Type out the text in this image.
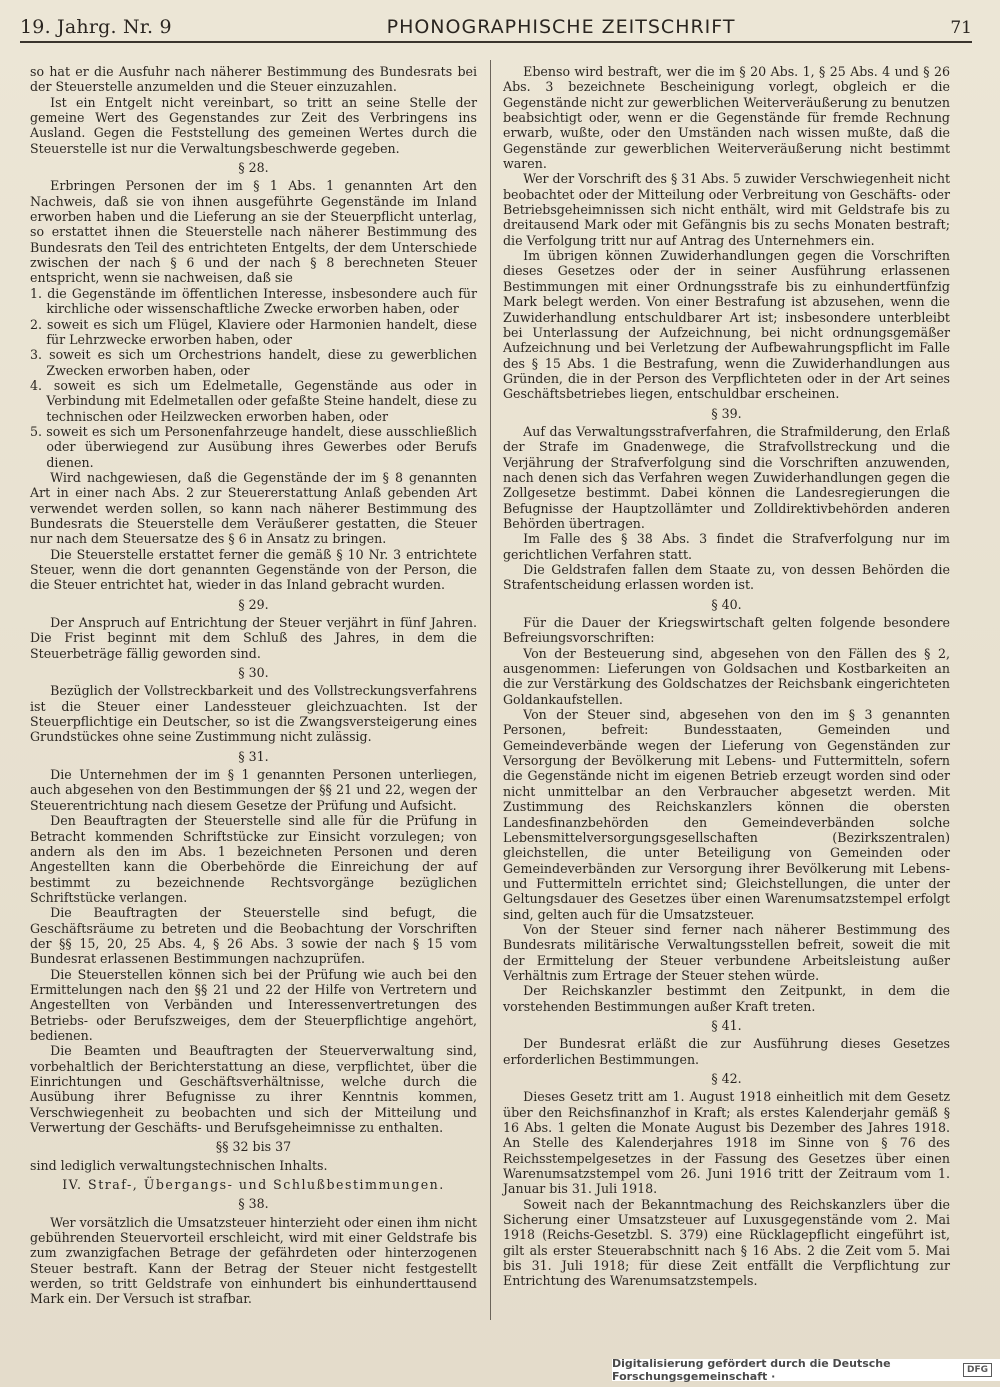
19. Jahrg. Nr. 9	PHONOGRAPHISCHE ZEITSCHRIFT	71

so hat er die Ausfuhr nach näherer Bestimmung des Bundesrats bei der Steuerstelle anzumelden und die Steuer einzuzahlen.

Ist ein Entgelt nicht vereinbart, so tritt an seine Stelle der gemeine Wert des Gegenstandes zur Zeit des Verbringens ins Ausland. Gegen die Feststellung des gemeinen Wertes durch die Steuerstelle ist nur die Verwaltungsbeschwerde gegeben.

§ 28.

Erbringen Personen der im § 1 Abs. 1 genannten Art den Nachweis, daß sie von ihnen ausgeführte Gegenstände im Inland erworben haben und die Lieferung an sie der Steuerpflicht unterlag, so erstattet ihnen die Steuerstelle nach näherer Bestimmung des Bundesrats den Teil des entrichteten Entgelts, der dem Unterschiede zwischen der nach § 6 und der nach § 8 berechneten Steuer entspricht, wenn sie nachweisen, daß sie

1. die Gegenstände im öffentlichen Interesse, insbesondere auch für kirchliche oder wissenschaftliche Zwecke erworben haben, oder
2. soweit es sich um Flügel, Klaviere oder Harmonien handelt, diese für Lehrzwecke erworben haben, oder
3. soweit es sich um Orchestrions handelt, diese zu gewerblichen Zwecken erworben haben, oder
4. soweit es sich um Edelmetalle, Gegenstände aus oder in Verbindung mit Edelmetallen oder gefaßte Steine handelt, diese zu technischen oder Heilzwecken erworben haben, oder
5. soweit es sich um Personenfahrzeuge handelt, diese ausschließlich oder überwiegend zur Ausübung ihres Gewerbes oder Berufs dienen.

Wird nachgewiesen, daß die Gegenstände der im § 8 genannten Art in einer nach Abs. 2 zur Steuererstattung Anlaß gebenden Art verwendet werden sollen, so kann nach näherer Bestimmung des Bundesrats die Steuerstelle dem Veräußerer gestatten, die Steuer nur nach dem Steuersatze des § 6 in Ansatz zu bringen.

Die Steuerstelle erstattet ferner die gemäß § 10 Nr. 3 entrichtete Steuer, wenn die dort genannten Gegenstände von der Person, die die Steuer entrichtet hat, wieder in das Inland gebracht wurden.

§ 29.

Der Anspruch auf Entrichtung der Steuer verjährt in fünf Jahren. Die Frist beginnt mit dem Schluß des Jahres, in dem die Steuerbeträge fällig geworden sind.

§ 30.

Bezüglich der Vollstreckbarkeit und des Vollstreckungsverfahrens ist die Steuer einer Landessteuer gleichzuachten. Ist der Steuerpflichtige ein Deutscher, so ist die Zwangsversteigerung eines Grundstückes ohne seine Zustimmung nicht zulässig.

§ 31.

Die Unternehmen der im § 1 genannten Personen unterliegen, auch abgesehen von den Bestimmungen der §§ 21 und 22, wegen der Steuerentrichtung nach diesem Gesetze der Prüfung und Aufsicht.

Den Beauftragten der Steuerstelle sind alle für die Prüfung in Betracht kommenden Schriftstücke zur Einsicht vorzulegen; von andern als den im Abs. 1 bezeichneten Personen und deren Angestellten kann die Oberbehörde die Einreichung der auf bestimmt zu bezeichnende Rechtsvorgänge bezüglichen Schriftstücke verlangen.

Die Beauftragten der Steuerstelle sind befugt, die Geschäftsräume zu betreten und die Beobachtung der Vorschriften der §§ 15, 20, 25 Abs. 4, § 26 Abs. 3 sowie der nach § 15 vom Bundesrat erlassenen Bestimmungen nachzuprüfen.

Die Steuerstellen können sich bei der Prüfung wie auch bei den Ermittelungen nach den §§ 21 und 22 der Hilfe von Vertretern und Angestellten von Verbänden und Interessenvertretungen des Betriebs- oder Berufszweiges, dem der Steuerpflichtige angehört, bedienen.

Die Beamten und Beauftragten der Steuerverwaltung sind, vorbehaltlich der Berichterstattung an diese, verpflichtet, über die Einrichtungen und Geschäftsverhältnisse, welche durch die Ausübung ihrer Befugnisse zu ihrer Kenntnis kommen, Verschwiegenheit zu beobachten und sich der Mitteilung und Verwertung der Geschäfts- und Berufsgeheimnisse zu enthalten.

§§ 32 bis 37

sind lediglich verwaltungstechnischen Inhalts.

IV. Straf-, Übergangs- und Schlußbestimmungen.
§ 38.

Wer vorsätzlich die Umsatzsteuer hinterzieht oder einen ihm nicht gebührenden Steuervorteil erschleicht, wird mit einer Geldstrafe bis zum zwanzigfachen Betrage der gefährdeten oder hinterzogenen Steuer bestraft. Kann der Betrag der Steuer nicht festgestellt werden, so tritt Geldstrafe von einhundert bis einhunderttausend Mark ein. Der Versuch ist strafbar.

Ebenso wird bestraft, wer die im § 20 Abs. 1, § 25 Abs. 4 und § 26 Abs. 3 bezeichnete Bescheinigung vorlegt, obgleich er die Gegenstände nicht zur gewerblichen Weiterveräußerung zu benutzen beabsichtigt oder, wenn er die Gegenstände für fremde Rechnung erwarb, wußte, oder den Umständen nach wissen mußte, daß die Gegenstände zur gewerblichen Weiterveräußerung nicht bestimmt waren.

Wer der Vorschrift des § 31 Abs. 5 zuwider Verschwiegenheit nicht beobachtet oder der Mitteilung oder Verbreitung von Geschäfts- oder Betriebsgeheimnissen sich nicht enthält, wird mit Geldstrafe bis zu dreitausend Mark oder mit Gefängnis bis zu sechs Monaten bestraft; die Verfolgung tritt nur auf Antrag des Unternehmers ein.

Im übrigen können Zuwiderhandlungen gegen die Vorschriften dieses Gesetzes oder der in seiner Ausführung erlassenen Bestimmungen mit einer Ordnungsstrafe bis zu einhundertfünfzig Mark belegt werden. Von einer Bestrafung ist abzusehen, wenn die Zuwiderhandlung entschuldbarer Art ist; insbesondere unterbleibt bei Unterlassung der Aufzeichnung, bei nicht ordnungsgemäßer Aufzeichnung und bei Verletzung der Aufbewahrungspflicht im Falle des § 15 Abs. 1 die Bestrafung, wenn die Zuwiderhandlungen aus Gründen, die in der Person des Verpflichteten oder in der Art seines Geschäftsbetriebes liegen, entschuldbar erscheinen.

§ 39.

Auf das Verwaltungsstrafverfahren, die Strafmilderung, den Erlaß der Strafe im Gnadenwege, die Strafvollstreckung und die Verjährung der Strafverfolgung sind die Vorschriften anzuwenden, nach denen sich das Verfahren wegen Zuwiderhandlungen gegen die Zollgesetze bestimmt. Dabei können die Landesregierungen die Befugnisse der Hauptzollämter und Zolldirektivbehörden anderen Behörden übertragen.

Im Falle des § 38 Abs. 3 findet die Strafverfolgung nur im gerichtlichen Verfahren statt.

Die Geldstrafen fallen dem Staate zu, von dessen Behörden die Strafentscheidung erlassen worden ist.

§ 40.

Für die Dauer der Kriegswirtschaft gelten folgende besondere Befreiungsvorschriften:

Von der Besteuerung sind, abgesehen von den Fällen des § 2, ausgenommen: Lieferungen von Goldsachen und Kostbarkeiten an die zur Verstärkung des Goldschatzes der Reichsbank eingerichteten Goldankaufstellen.

Von der Steuer sind, abgesehen von den im § 3 genannten Personen, befreit: Bundesstaaten, Gemeinden und Gemeindeverbände wegen der Lieferung von Gegenständen zur Versorgung der Bevölkerung mit Lebens- und Futtermitteln, sofern die Gegenstände nicht im eigenen Betrieb erzeugt worden sind oder nicht unmittelbar an den Verbraucher abgesetzt werden. Mit Zustimmung des Reichskanzlers können die obersten Landesfinanzbehörden den Gemeindeverbänden solche Lebensmittelversorgungsgesellschaften (Bezirkszentralen) gleichstellen, die unter Beteiligung von Gemeinden oder Gemeindeverbänden zur Versorgung ihrer Bevölkerung mit Lebens- und Futtermitteln errichtet sind; Gleichstellungen, die unter der Geltungsdauer des Gesetzes über einen Warenumsatzstempel erfolgt sind, gelten auch für die Umsatzsteuer.

Von der Steuer sind ferner nach näherer Bestimmung des Bundesrats militärische Verwaltungsstellen befreit, soweit die mit der Ermittelung der Steuer verbundene Arbeitsleistung außer Verhältnis zum Ertrage der Steuer stehen würde.

Der Reichskanzler bestimmt den Zeitpunkt, in dem die vorstehenden Bestimmungen außer Kraft treten.

§ 41.

Der Bundesrat erläßt die zur Ausführung dieses Gesetzes erforderlichen Bestimmungen.

§ 42.

Dieses Gesetz tritt am 1. August 1918 einheitlich mit dem Gesetz über den Reichsfinanzhof in Kraft; als erstes Kalenderjahr gemäß § 16 Abs. 1 gelten die Monate August bis Dezember des Jahres 1918. An Stelle des Kalenderjahres 1918 im Sinne von § 76 des Reichsstempelgesetzes in der Fassung des Gesetzes über einen Warenumsatzstempel vom 26. Juni 1916 tritt der Zeitraum vom 1. Januar bis 31. Juli 1918.

Soweit nach der Bekanntmachung des Reichskanzlers über die Sicherung einer Umsatzsteuer auf Luxusgegenstände vom 2. Mai 1918 (Reichs-Gesetzbl. S. 379) eine Rücklagepflicht eingeführt ist, gilt als erster Steuerabschnitt nach § 16 Abs. 2 die Zeit vom 5. Mai bis 31. Juli 1918; für diese Zeit entfällt die Verpflichtung zur Entrichtung des Warenumsatzstempels.

Digitalisierung gefördert durch die Deutsche Forschungsgemeinschaft ·	DFG
